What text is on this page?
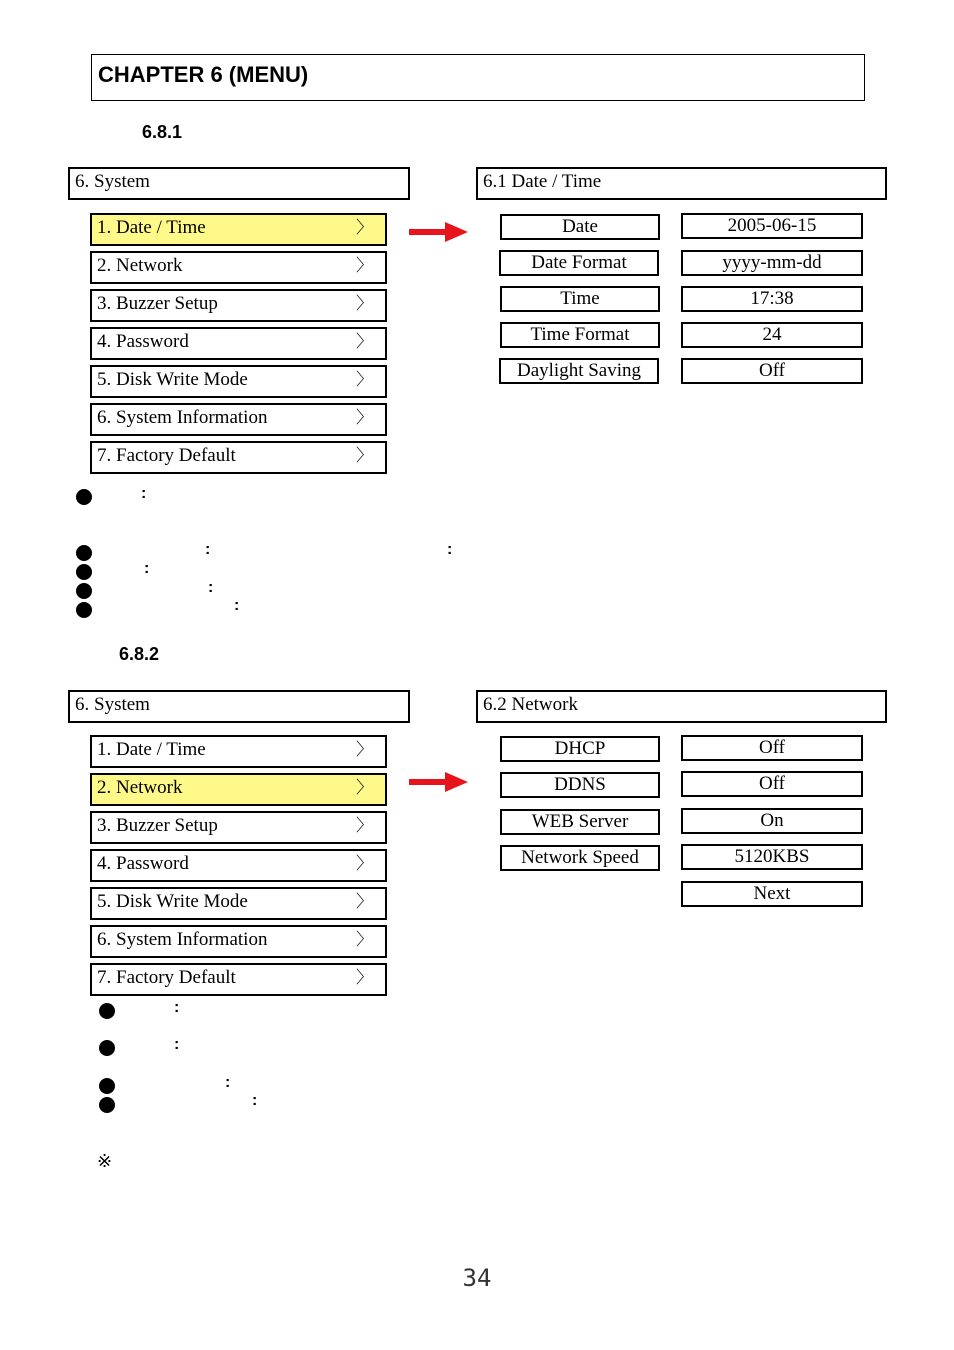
CHAPTER 6 (MENU)
6.8.1
6. System	6.1 Date / Time
1. Date / Time	〉
2. Network	〉
3. Buzzer Setup	〉
4. Password	〉
5. Disk Write Mode	〉
6. System Information	〉
7. Factory Default	〉
Date	2005-06-15
Date Format	yyyy-mm-dd
Time	17:38
Time Format	24
Daylight Saving	Off
:
:	:
:
:
:
6.8.2
6. System	6.2 Network
1. Date / Time	〉
2. Network	〉
3. Buzzer Setup	〉
4. Password	〉
5. Disk Write Mode	〉
6. System Information	〉
7. Factory Default	〉
DHCP	Off
DDNS	Off
WEB Server	On
Network Speed	5120KBS
Next
:
:
:
:
※
34
